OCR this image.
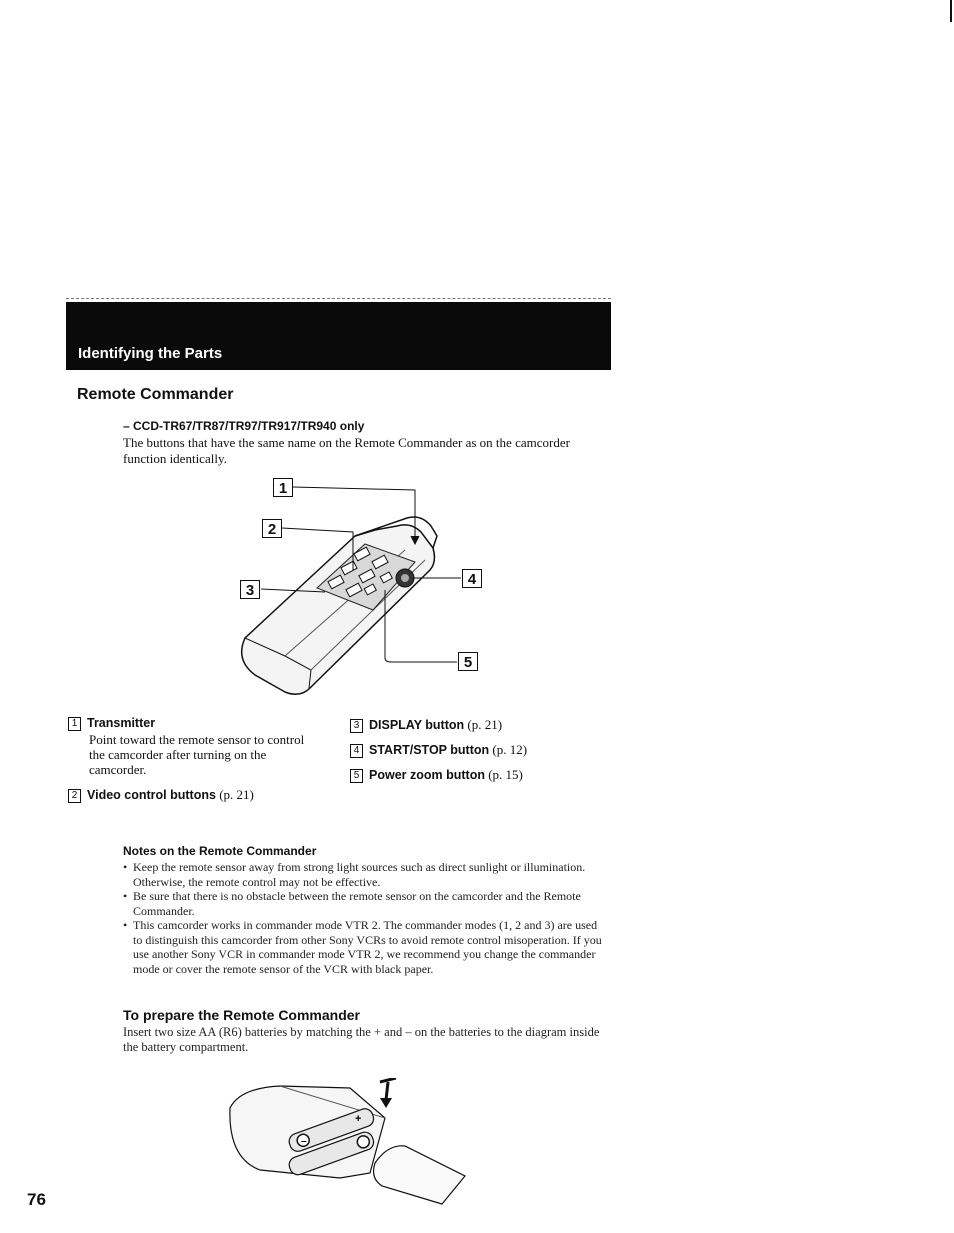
Identifying the Parts
Remote Commander
– CCD-TR67/TR87/TR97/TR917/TR940 only
The buttons that have the same name on the Remote Commander as on the camcorder function identically.
1
2
3
4
5
1 Transmitter
Point toward the remote sensor to control the camcorder after turning on the camcorder.
2 Video control buttons (p. 21)
3 DISPLAY button (p. 21)
4 START/STOP button (p. 12)
5 Power zoom button (p. 15)
Notes on the Remote Commander
• Keep the remote sensor away from strong light sources such as direct sunlight or illumination. Otherwise, the remote control may not be effective.
• Be sure that there is no obstacle between the remote sensor on the camcorder and the Remote Commander.
• This camcorder works in commander mode VTR 2. The commander modes (1, 2 and 3) are used to distinguish this camcorder from other Sony VCRs to avoid remote control misoperation. If you use another Sony VCR in commander mode VTR 2, we recommend you change the commander mode or cover the remote sensor of the VCR with black paper.
To prepare the Remote Commander
Insert two size AA (R6) batteries by matching the + and – on the batteries to the diagram inside the battery compartment.
–
+
76
